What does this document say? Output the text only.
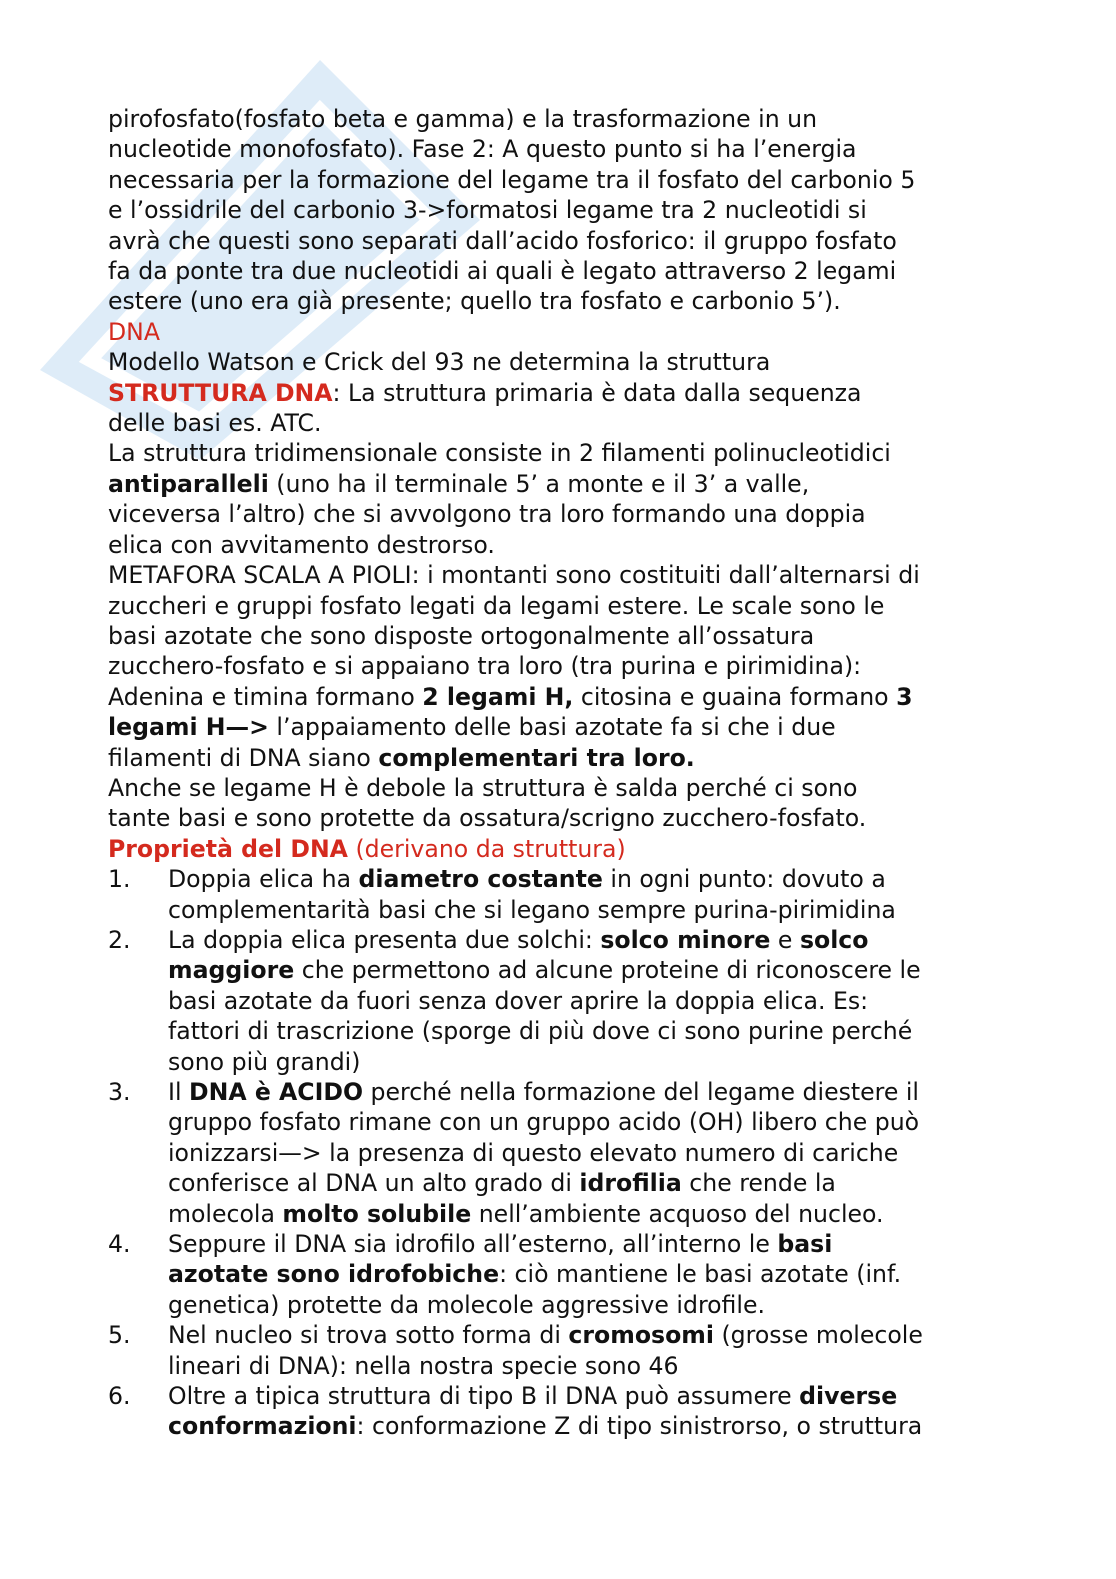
pirofosfato(fosfato beta e gamma) e la trasformazione in un

nucleotide monofosfato). Fase 2: A questo punto si ha l’energia

necessaria per la formazione del legame tra il fosfato del carbonio 5

e l’ossidrile del carbonio 3->formatosi legame tra 2 nucleotidi si

avrà che questi sono separati dall’acido fosforico: il gruppo fosfato

fa da ponte tra due nucleotidi ai quali è legato attraverso 2 legami

estere (uno era già presente; quello tra fosfato e carbonio 5’).

DNA

Modello Watson e Crick del 93 ne determina la struttura

STRUTTURA DNA: La struttura primaria è data dalla sequenza

delle basi es. ATC.

La struttura tridimensionale consiste in 2 filamenti polinucleotidici

antiparalleli (uno ha il terminale 5’ a monte e il 3’ a valle,

viceversa l’altro) che si avvolgono tra loro formando una doppia

elica con avvitamento destrorso.

METAFORA SCALA A PIOLI: i montanti sono costituiti dall’alternarsi di

zuccheri e gruppi fosfato legati da legami estere. Le scale sono le

basi azotate che sono disposte ortogonalmente all’ossatura

zucchero-fosfato e si appaiano tra loro (tra purina e pirimidina):

Adenina e timina formano 2 legami H, citosina e guaina formano 3

legami H—> l’appaiamento delle basi azotate fa si che i due

filamenti di DNA siano complementari tra loro.

Anche se legame H è debole la struttura è salda perché ci sono

tante basi e sono protette da ossatura/scrigno zucchero-fosfato.

Proprietà del DNA (derivano da struttura)

1. Doppia elica ha diametro costante in ogni punto: dovuto a
complementarità basi che si legano sempre purina-pirimidina
2. La doppia elica presenta due solchi: solco minore e solco
maggiore che permettono ad alcune proteine di riconoscere le
basi azotate da fuori senza dover aprire la doppia elica. Es:
fattori di trascrizione (sporge di più dove ci sono purine perché
sono più grandi)
3. Il DNA è ACIDO perché nella formazione del legame diestere il
gruppo fosfato rimane con un gruppo acido (OH) libero che può
ionizzarsi—> la presenza di questo elevato numero di cariche
conferisce al DNA un alto grado di idrofilia che rende la
molecola molto solubile nell’ambiente acquoso del nucleo.
4. Seppure il DNA sia idrofilo all’esterno, all’interno le basi
azotate sono idrofobiche: ciò mantiene le basi azotate (inf.
genetica) protette da molecole aggressive idrofile.
5. Nel nucleo si trova sotto forma di cromosomi (grosse molecole
lineari di DNA): nella nostra specie sono 46
6. Oltre a tipica struttura di tipo B il DNA può assumere diverse
conformazioni: conformazione Z di tipo sinistrorso, o struttura
